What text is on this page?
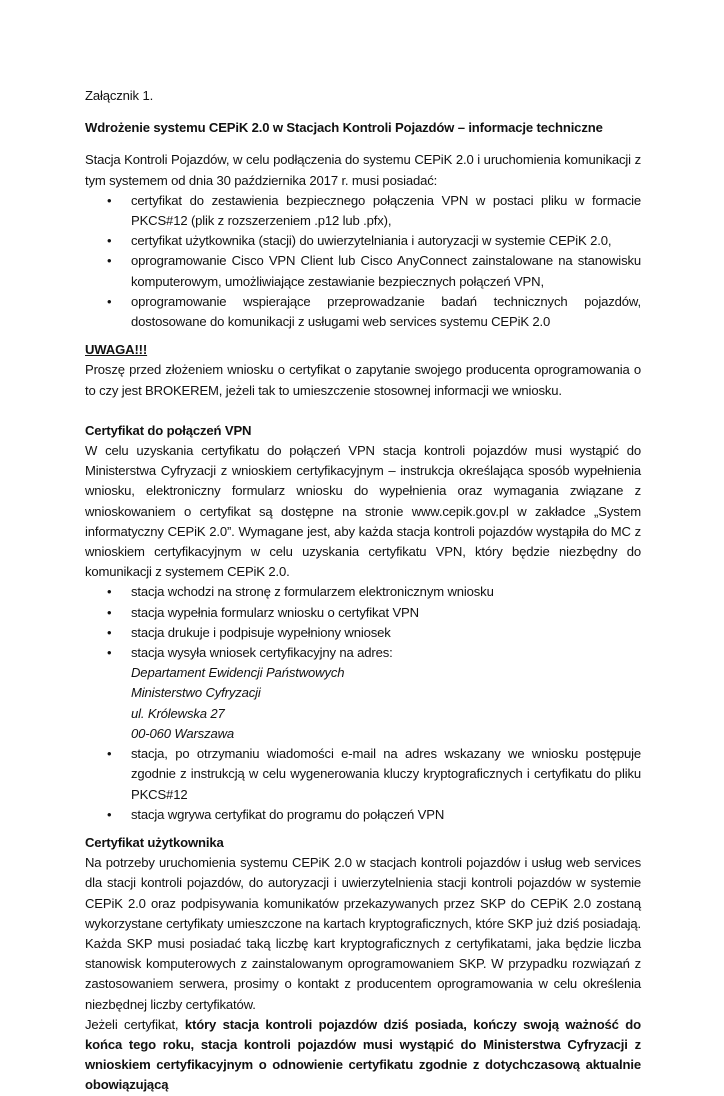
Załącznik 1.

Wdrożenie systemu CEPiK 2.0 w Stacjach Kontroli Pojazdów – informacje techniczne

Stacja Kontroli Pojazdów, w celu podłączenia do systemu CEPiK 2.0 i uruchomienia komunikacji z tym systemem od dnia 30 października 2017 r. musi posiadać:

• certyfikat do zestawienia bezpiecznego połączenia VPN w postaci pliku w formacie PKCS#12 (plik z rozszerzeniem .p12 lub .pfx),
• certyfikat użytkownika (stacji) do uwierzytelniania i autoryzacji w systemie CEPiK 2.0,
• oprogramowanie Cisco VPN Client lub Cisco AnyConnect zainstalowane na stanowisku komputerowym, umożliwiające zestawianie bezpiecznych połączeń VPN,
• oprogramowanie wspierające przeprowadzanie badań technicznych pojazdów, dostosowane do komunikacji z usługami web services systemu CEPiK 2.0

UWAGA!!!

Proszę przed złożeniem wniosku o certyfikat o zapytanie swojego producenta oprogramowania o to czy jest BROKEREM, jeżeli tak to umieszczenie stosownej informacji we wniosku.

Certyfikat do połączeń VPN

W celu uzyskania certyfikatu do połączeń VPN stacja kontroli pojazdów musi wystąpić do Ministerstwa Cyfryzacji z wnioskiem certyfikacyjnym – instrukcja określająca sposób wypełnienia wniosku, elektroniczny formularz wniosku do wypełnienia oraz wymagania związane z wnioskowaniem o certyfikat są dostępne na stronie www.cepik.gov.pl w zakładce „System informatyczny CEPiK 2.0”. Wymagane jest, aby każda stacja kontroli pojazdów wystąpiła do MC z wnioskiem certyfikacyjnym w celu uzyskania certyfikatu VPN, który będzie niezbędny do komunikacji z systemem CEPiK 2.0.

• stacja wchodzi na stronę z formularzem elektronicznym wniosku
• stacja wypełnia formularz wniosku o certyfikat VPN
• stacja drukuje i podpisuje wypełniony wniosek
• stacja wysyła wniosek certyfikacyjny na adres:

Departament Ewidencji Państwowych

Ministerstwo Cyfryzacji

ul. Królewska 27

00-060 Warszawa

• stacja, po otrzymaniu wiadomości e-mail na adres wskazany we wniosku postępuje zgodnie z instrukcją w celu wygenerowania kluczy kryptograficznych i certyfikatu do pliku PKCS#12
• stacja wgrywa certyfikat do programu do połączeń VPN

Certyfikat użytkownika

Na potrzeby uruchomienia systemu CEPiK 2.0 w stacjach kontroli pojazdów i usług web services dla stacji kontroli pojazdów, do autoryzacji i uwierzytelnienia stacji kontroli pojazdów w systemie CEPiK 2.0 oraz podpisywania komunikatów przekazywanych przez SKP do CEPiK 2.0 zostaną wykorzystane certyfikaty umieszczone na kartach kryptograficznych, które SKP już dziś posiadają. Każda SKP musi posiadać taką liczbę kart kryptograficznych z certyfikatami, jaka będzie liczba stanowisk komputerowych z zainstalowanym oprogramowaniem SKP. W przypadku rozwiązań z zastosowaniem serwera, prosimy o kontakt z producentem oprogramowania w celu określenia niezbędnej liczby certyfikatów.

Jeżeli certyfikat, który stacja kontroli pojazdów dziś posiada, kończy swoją ważność do końca tego roku, stacja kontroli pojazdów musi wystąpić do Ministerstwa Cyfryzacji z wnioskiem certyfikacyjnym o odnowienie certyfikatu zgodnie z dotychczasową aktualnie obowiązującą
